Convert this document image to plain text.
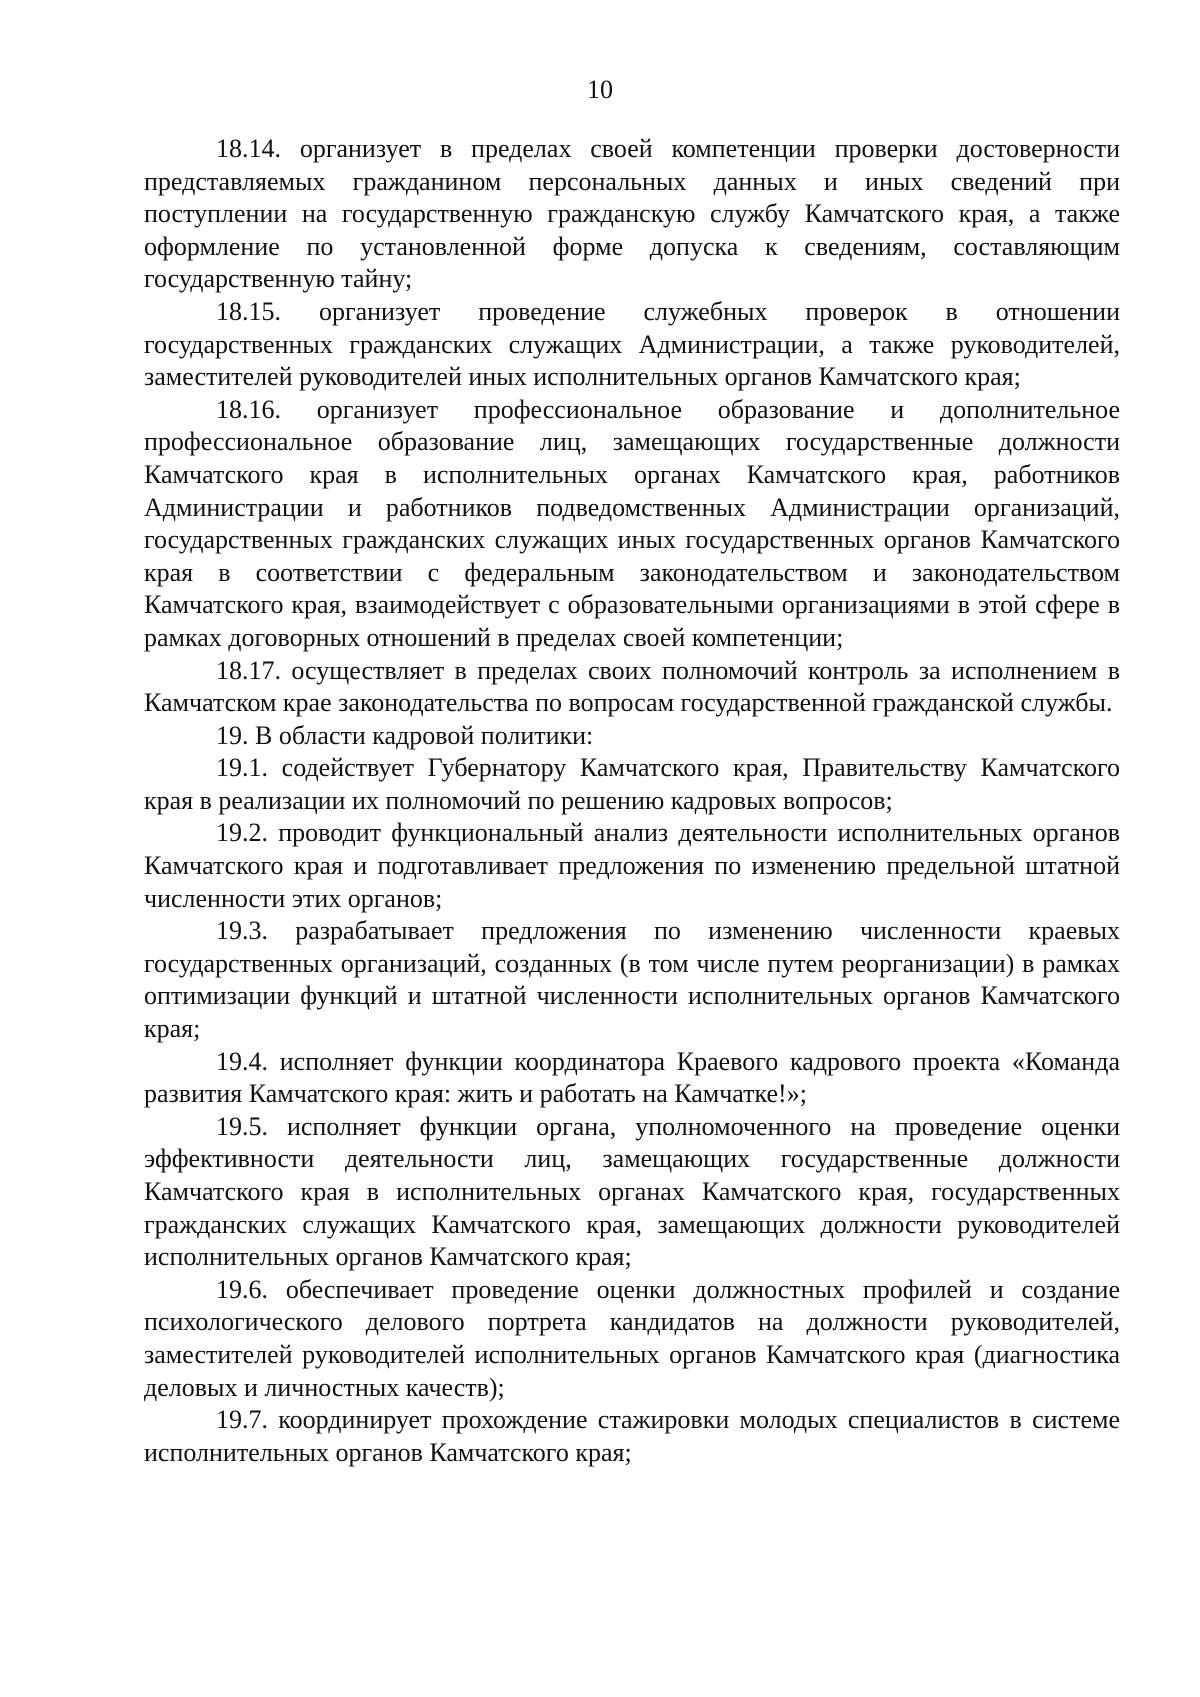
10

18.14. организует в пределах своей компетенции проверки достоверности представляемых гражданином персональных данных и иных сведений при поступлении на государственную гражданскую службу Камчатского края, а также оформление по установленной форме допуска к сведениям, составляющим государственную тайну;

18.15. организует проведение служебных проверок в отношении государственных гражданских служащих Администрации, а также руководителей, заместителей руководителей иных исполнительных органов Камчатского края;

18.16. организует профессиональное образование и дополнительное профессиональное образование лиц, замещающих государственные должности Камчатского края в исполнительных органах Камчатского края, работников Администрации и работников подведомственных Администрации организаций, государственных гражданских служащих иных государственных органов Камчатского края в соответствии с федеральным законодательством и законодательством Камчатского края, взаимодействует с образовательными организациями в этой сфере в рамках договорных отношений в пределах своей компетенции;

18.17. осуществляет в пределах своих полномочий контроль за исполнением в Камчатском крае законодательства по вопросам государственной гражданской службы.

19. В области кадровой политики:

19.1. содействует Губернатору Камчатского края, Правительству Камчатского края в реализации их полномочий по решению кадровых вопросов;

19.2. проводит функциональный анализ деятельности исполнительных органов Камчатского края и подготавливает предложения по изменению предельной штатной численности этих органов;

19.3. разрабатывает предложения по изменению численности краевых государственных организаций, созданных (в том числе путем реорганизации) в рамках оптимизации функций и штатной численности исполнительных органов Камчатского края;

19.4. исполняет функции координатора Краевого кадрового проекта «Команда развития Камчатского края: жить и работать на Камчатке!»;

19.5. исполняет функции органа, уполномоченного на проведение оценки эффективности деятельности лиц, замещающих государственные должности Камчатского края в исполнительных органах Камчатского края, государственных гражданских служащих Камчатского края, замещающих должности руководителей исполнительных органов Камчатского края;

19.6. обеспечивает проведение оценки должностных профилей и создание психологического делового портрета кандидатов на должности руководителей, заместителей руководителей исполнительных органов Камчатского края (диагностика деловых и личностных качеств);

19.7. координирует прохождение стажировки молодых специалистов в системе исполнительных органов Камчатского края;
